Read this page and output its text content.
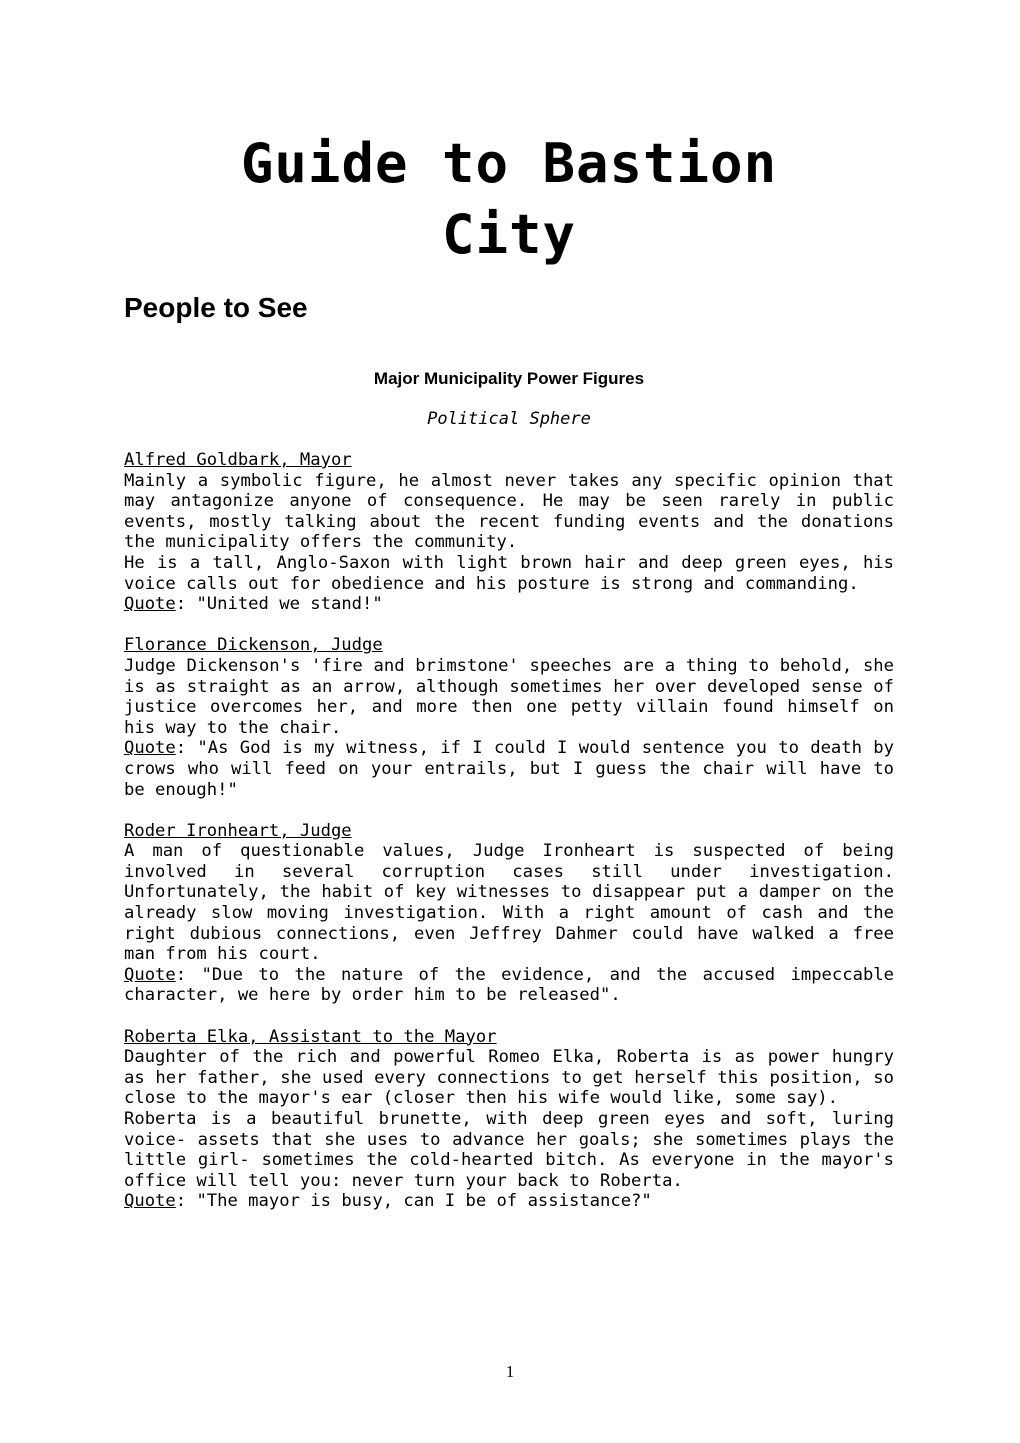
Guide to Bastion
City
People to See
Major Municipality Power Figures
Political Sphere

Alfred Goldbark, Mayor

Mainly a symbolic figure, he almost never takes any specific opinion that may antagonize anyone of consequence. He may be seen rarely in public events, mostly talking about the recent funding events and the donations the municipality offers the community.

He is a tall, Anglo-Saxon with light brown hair and deep green eyes, his voice calls out for obedience and his posture is strong and commanding.

Quote: "United we stand!"

Florance Dickenson, Judge

Judge Dickenson's 'fire and brimstone' speeches are a thing to behold, she is as straight as an arrow, although sometimes her over developed sense of justice overcomes her, and more then one petty villain found himself on his way to the chair.

Quote: "As God is my witness, if I could I would sentence you to death by crows who will feed on your entrails, but I guess the chair will have to be enough!"

Roder Ironheart, Judge

A man of questionable values, Judge Ironheart is suspected of being involved in several corruption cases still under investigation. Unfortunately, the habit of key witnesses to disappear put a damper on the already slow moving investigation. With a right amount of cash and the right dubious connections, even Jeffrey Dahmer could have walked a free man from his court.

Quote: "Due to the nature of the evidence, and the accused impeccable character, we here by order him to be released".

Roberta Elka, Assistant to the Mayor

Daughter of the rich and powerful Romeo Elka, Roberta is as power hungry as her father, she used every connections to get herself this position, so close to the mayor's ear (closer then his wife would like, some say).

Roberta is a beautiful brunette, with deep green eyes and soft, luring voice- assets that she uses to advance her goals; she sometimes plays the little girl- sometimes the cold-hearted bitch. As everyone in the mayor's office will tell you: never turn your back to Roberta.

Quote: "The mayor is busy, can I be of assistance?"

1
